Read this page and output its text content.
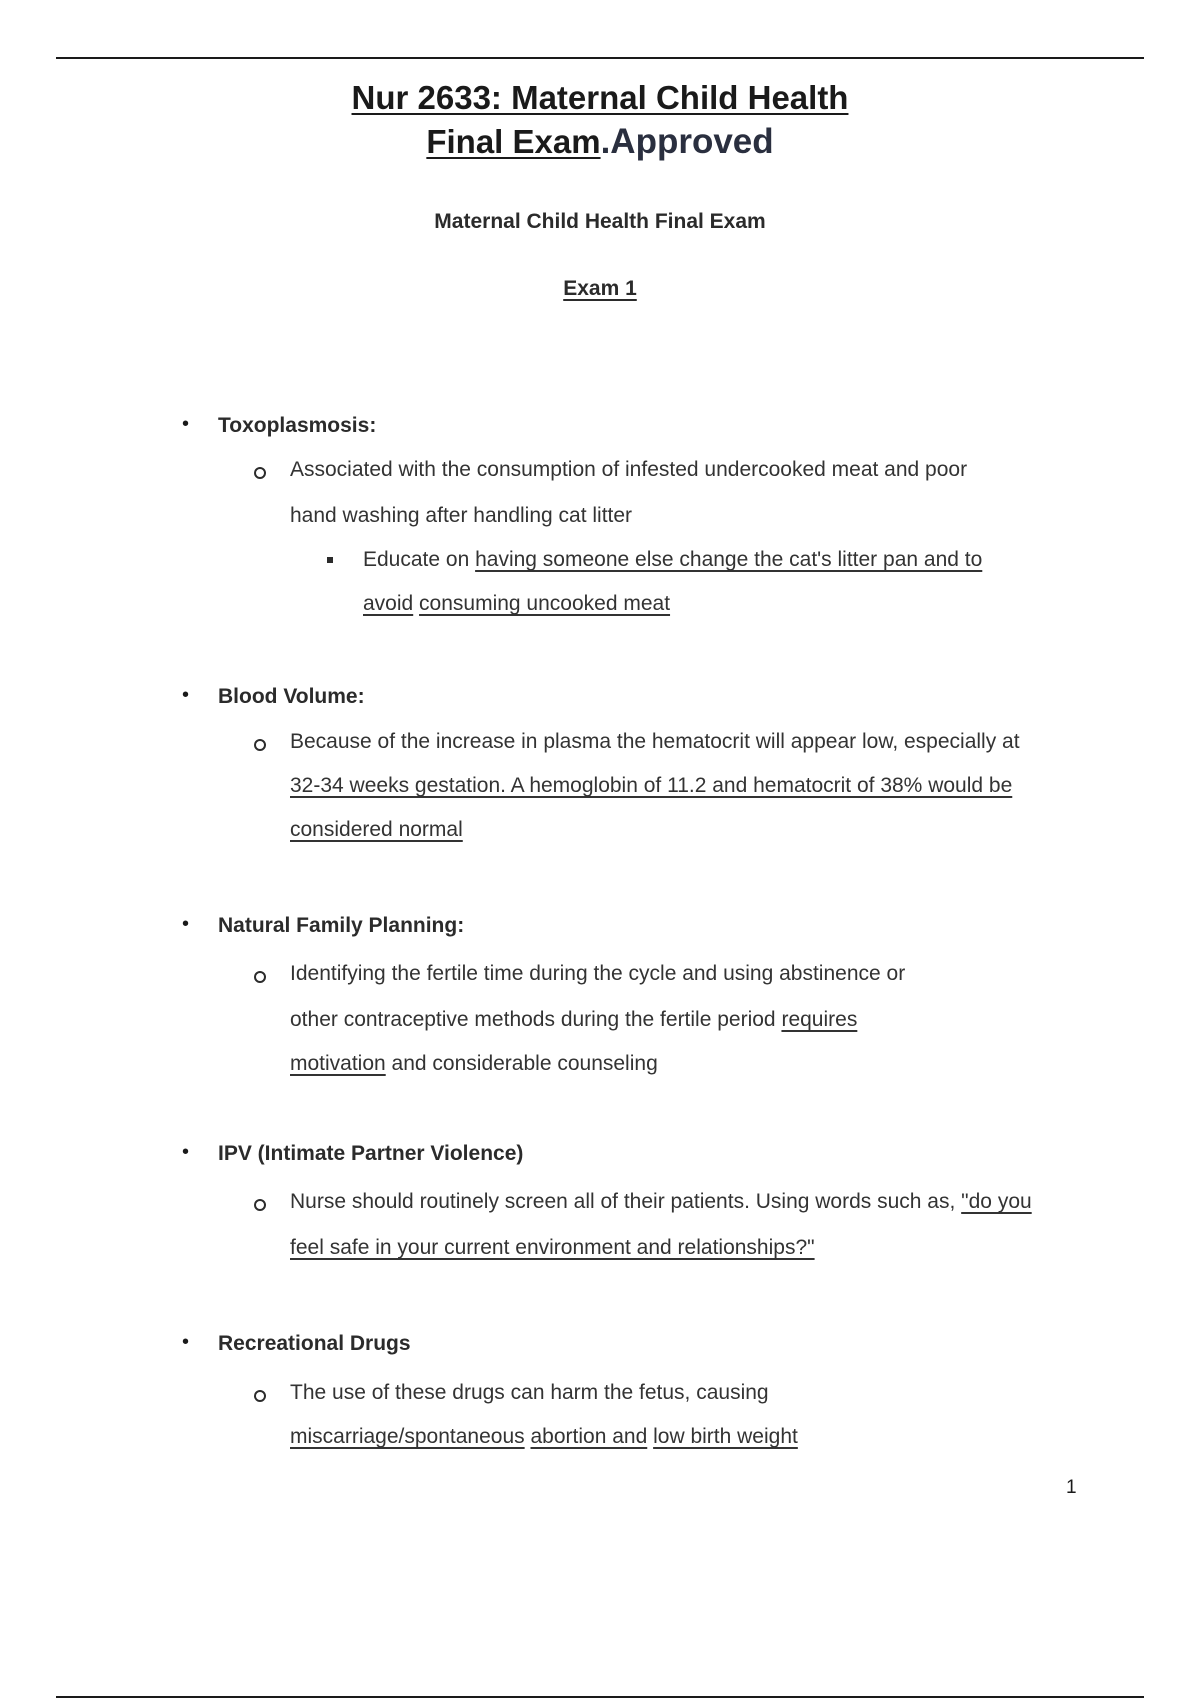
Nur 2633: Maternal Child Health
Final Exam.Approved
Maternal Child Health Final Exam
Exam 1
• Toxoplasmosis:
Associated with the consumption of infested undercooked meat and poor
hand washing after handling cat litter
Educate on having someone else change the cat's litter pan and to
avoid consuming uncooked meat
• Blood Volume:
Because of the increase in plasma the hematocrit will appear low, especially at
32-34 weeks gestation. A hemoglobin of 11.2 and hematocrit of 38% would be
considered normal
• Natural Family Planning:
Identifying the fertile time during the cycle and using abstinence or
other contraceptive methods during the fertile period requires
motivation and considerable counseling
• IPV (Intimate Partner Violence)
Nurse should routinely screen all of their patients. Using words such as, "do you
feel safe in your current environment and relationships?"
• Recreational Drugs
The use of these drugs can harm the fetus, causing
miscarriage/spontaneous abortion and low birth weight
1
